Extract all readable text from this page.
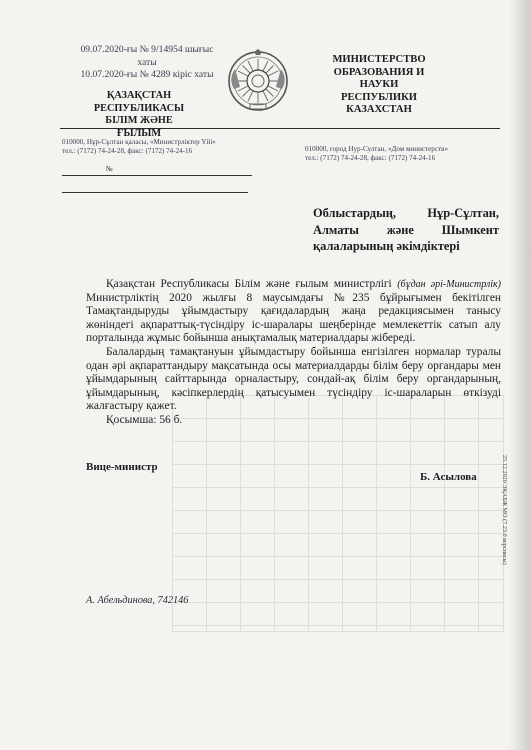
09.07.2020-ғы № 9/14954 шығыс
хаты
10.07.2020-ғы № 4289 кіріс хаты
ҚАЗАҚСТАН
РЕСПУБЛИКАСЫ
БІЛІМ ЖӘНЕ ҒЫЛЫМ
МИНИСТЕРСТВО
ОБРАЗОВАНИЯ И НАУКИ
РЕСПУБЛИКИ
КАЗАХСТАН
010000, Нұр-Сұлтан қаласы, «Министрліктер Үйі»
тел.: (7172) 74-24-28, факс: (7172) 74-24-16	010000, город Нур-Султан, «Дом министерств»
тел.: (7172) 74-24-28, факс: (7172) 74-24-16
№
Облыстардың, Нұр-Сұлтан, Алматы және Шымкент қалаларының әкімдіктері

Қазақстан Республикасы Білім және ғылым министрлігі (бұдан әрі-Министрлік) Министрліктің 2020 жылғы 8 маусымдағы №235 бұйрығымен бекітілген Тамақтандыруды ұйымдастыру қағидалардың жаңа редакциясымен танысу жөніндегі ақпараттық-түсіндіру іс-шаралары шеңберінде мемлекеттік сатып алу порталында жұмыс бойынша анықтамалық материалдары жібереді.

Балалардың тамақтануын ұйымдастыру бойынша енгізілген нормалар туралы одан әрі ақпараттандыру мақсатында осы материалдарды білім беру органдары мен ұйымдарының сайттарында орналастыру, сондай-ақ білім беру органдарының, ұйымдарының, кәсіпкерлердің қатысуымен түсіндіру іс-шараларын өткізуді жалғастыру қажет.

Қосымша: 56 б.

Вице-министр
Б. Асылова
А. Абельдинова, 742146
25.12.2020 ЭҚАБЖ МО (7.23.0 версиясы)
